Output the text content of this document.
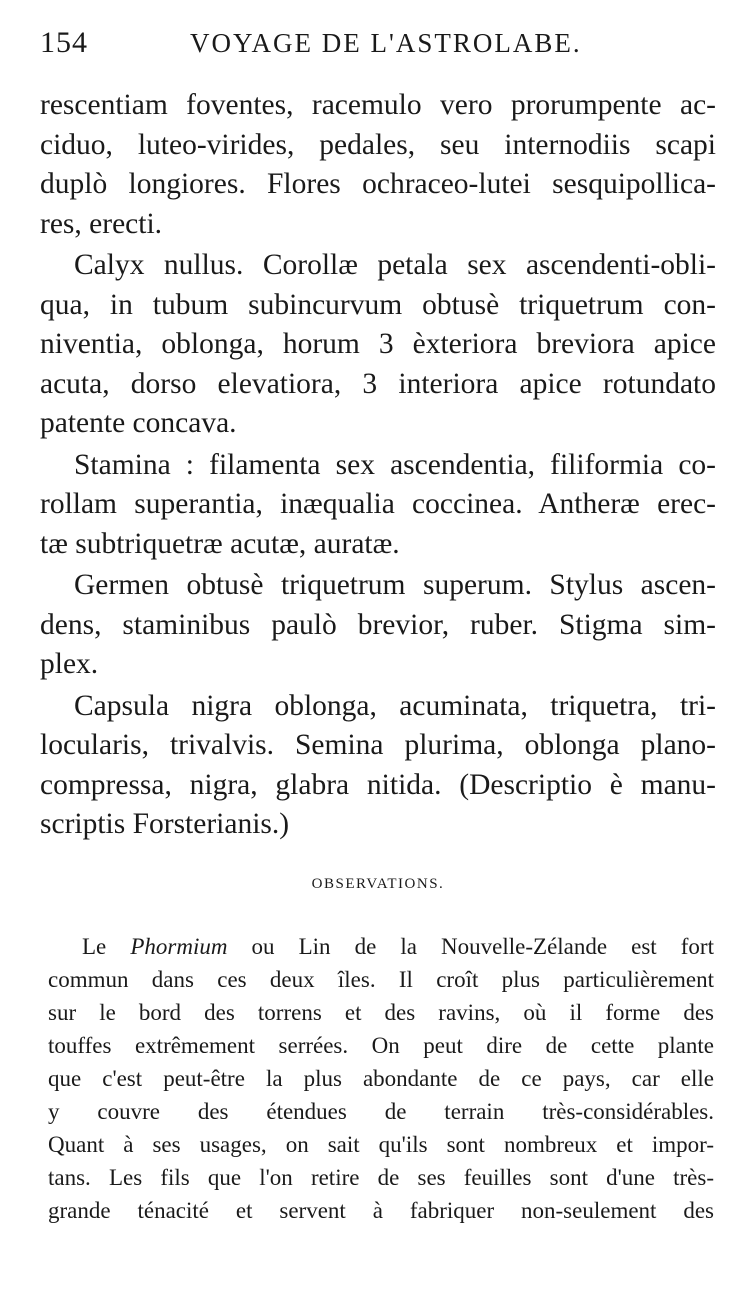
154	VOYAGE DE L'ASTROLABE.

rescentiam foventes, racemulo vero prorumpente ac-
ciduo, luteo-virides, pedales, seu internodiis scapi
duplò longiores. Flores ochraceo-lutei sesquipollica-
res, erecti.

Calyx nullus. Corollæ petala sex ascendenti-obli-
qua, in tubum subincurvum obtusè triquetrum con-
niventia, oblonga, horum 3 èxteriora breviora apice
acuta, dorso elevatiora, 3 interiora apice rotundato
patente concava.

Stamina : filamenta sex ascendentia, filiformia co-
rollam superantia, inæqualia coccinea. Antheræ erec-
tæ subtriquetræ acutæ, auratæ.

Germen obtusè triquetrum superum. Stylus ascen-
dens, staminibus paulò brevior, ruber. Stigma sim-
plex.

Capsula nigra oblonga, acuminata, triquetra, tri-
locularis, trivalvis. Semina plurima, oblonga plano-
compressa, nigra, glabra nitida. (Descriptio è manu-
scriptis Forsterianis.)

OBSERVATIONS.

Le Phormium ou Lin de la Nouvelle-Zélande est fort
commun dans ces deux îles. Il croît plus particulièrement
sur le bord des torrens et des ravins, où il forme des
touffes extrêmement serrées. On peut dire de cette plante
que c'est peut-être la plus abondante de ce pays, car elle
y couvre des étendues de terrain très-considérables.
Quant à ses usages, on sait qu'ils sont nombreux et impor-
tans. Les fils que l'on retire de ses feuilles sont d'une très-
grande ténacité et servent à fabriquer non-seulement des
